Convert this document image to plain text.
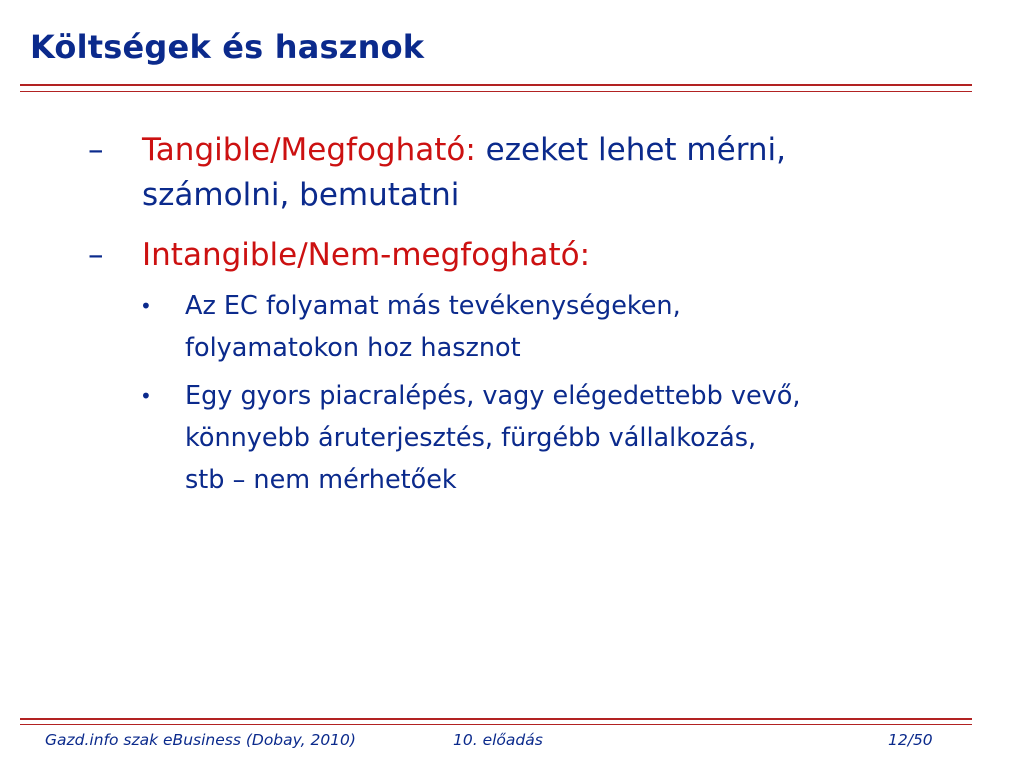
Költségek és hasznok
–	Tangible/Megfogható: ezeket lehet mérni,
számolni, bemutatni
–	Intangible/Nem-megfogható:
•	Az EC folyamat más tevékenységeken,
folyamatokon hoz hasznot
•	Egy gyors piacralépés, vagy elégedettebb vevő,
könnyebb áruterjesztés, fürgébb vállalkozás,
stb – nem mérhetőek
Gazd.info szak eBusiness (Dobay, 2010)	10. előadás	12/50
